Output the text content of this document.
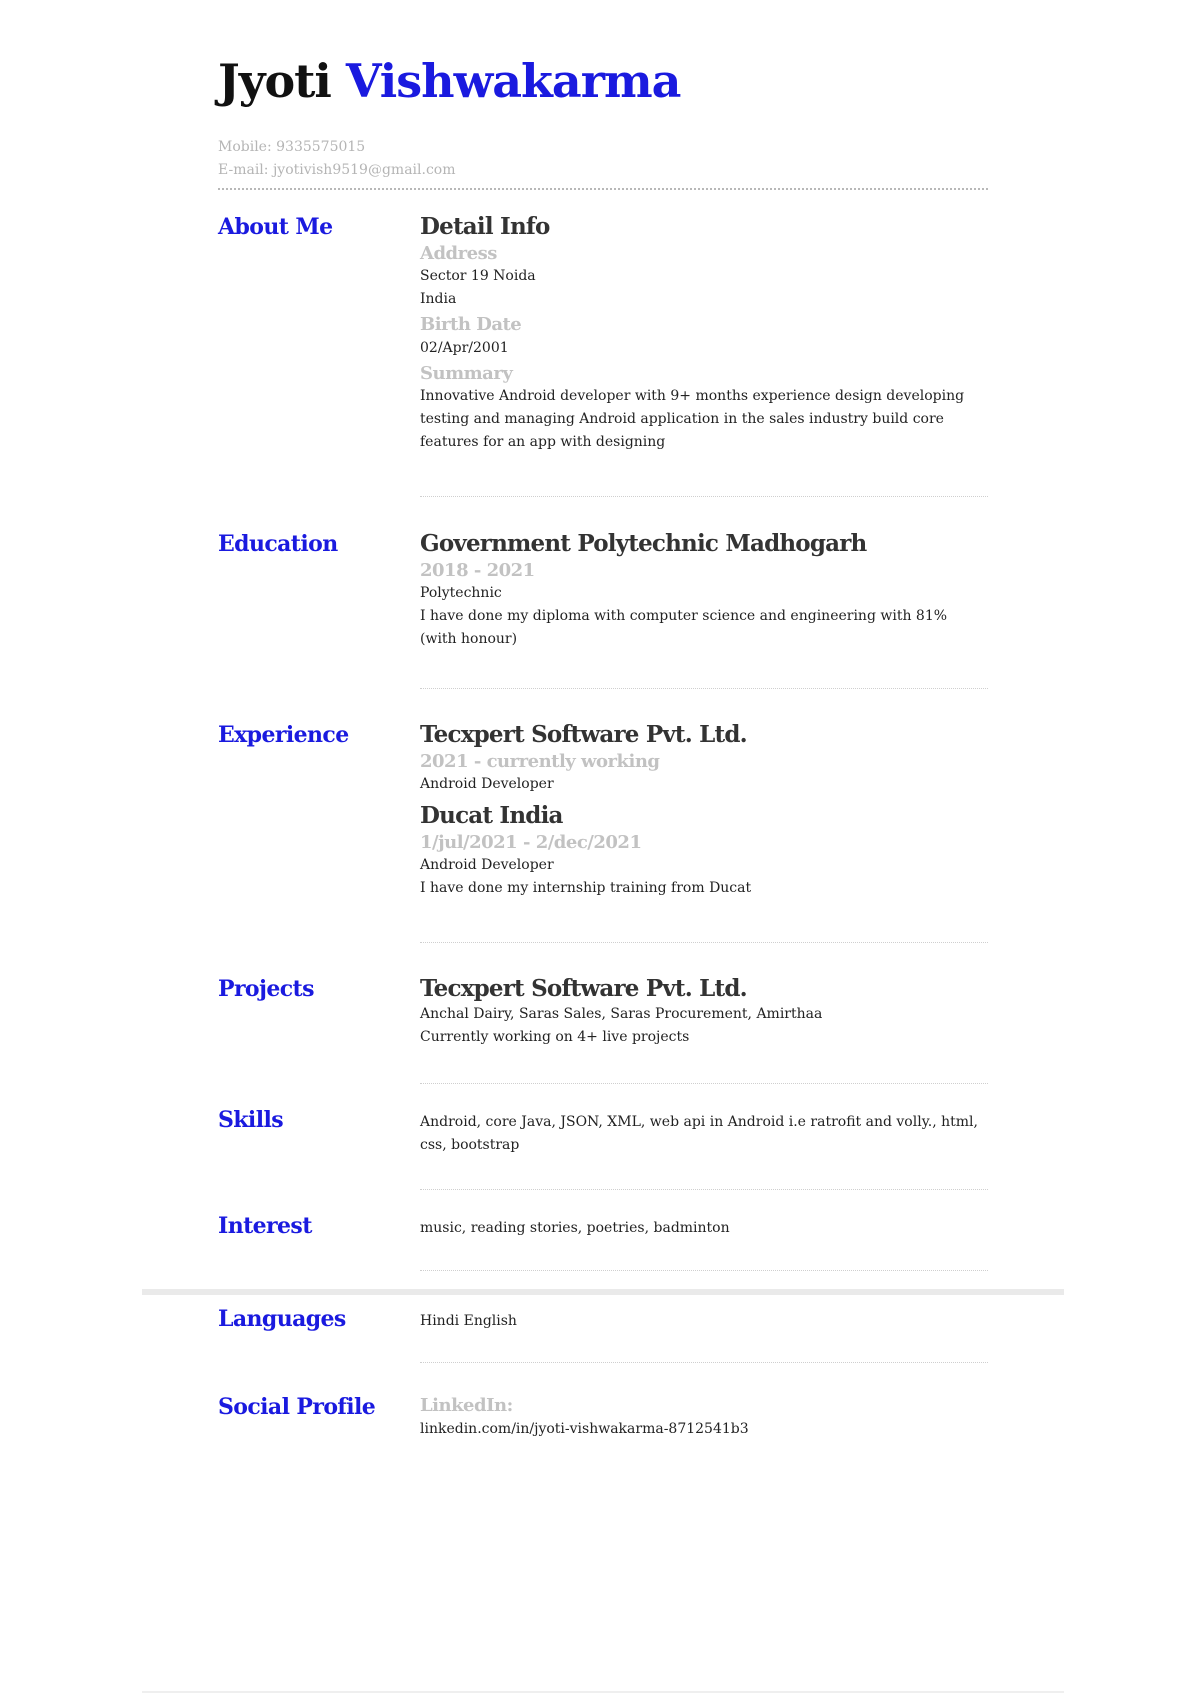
Jyoti Vishwakarma
Mobile: 9335575015
E-mail: jyotivish9519@gmail.com
About Me	Detail Info
Address
Sector 19 Noida
India
Birth Date
02/Apr/2001
Summary
Innovative Android developer with 9+ months experience design developing testing and managing Android application in the sales industry build core features for an app with designing
Education	Government Polytechnic Madhogarh
2018 - 2021
Polytechnic
I have done my diploma with computer science and engineering with 81% (with honour)
Experience	Tecxpert Software Pvt. Ltd.
2021 - currently working
Android Developer
Ducat India
1/jul/2021 - 2/dec/2021
Android Developer
I have done my internship training from Ducat
Projects	Tecxpert Software Pvt. Ltd.
Anchal Dairy, Saras Sales, Saras Procurement, Amirthaa
Currently working on 4+ live projects
Skills	Android, core Java, JSON, XML, web api in Android i.e ratrofit and volly., html, css, bootstrap
Interest	music, reading stories, poetries, badminton
Languages	Hindi English
Social Profile LinkedIn:
linkedin.com/in/jyoti-vishwakarma-8712541b3
